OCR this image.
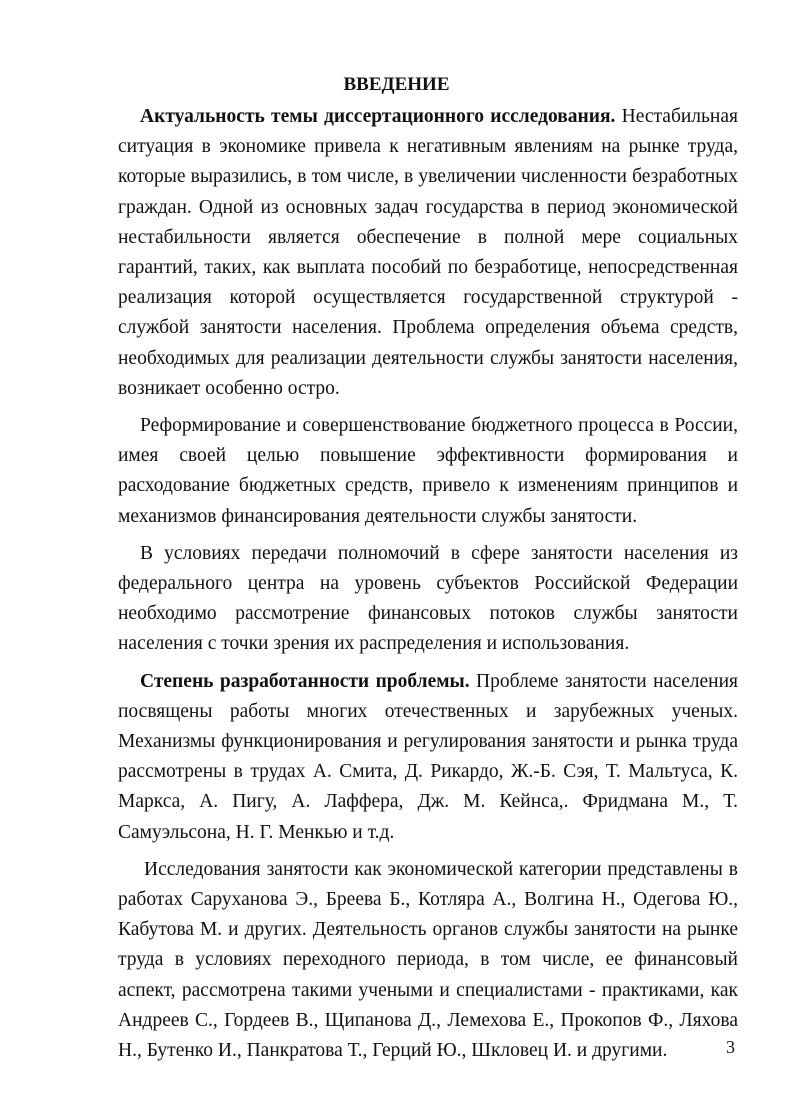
ВВЕДЕНИЕ

Актуальность темы диссертационного исследования. Нестабильная ситуация в экономике привела к негативным явлениям на рынке труда, которые выразились, в том числе, в увеличении численности безработных граждан. Одной из основных задач государства в период экономической нестабильности является обеспечение в полной мере социальных гарантий, таких, как выплата пособий по безработице, непосредственная реализация которой осуществляется государственной структурой - службой занятости населения. Проблема определения объема средств, необходимых для реализации деятельности службы занятости населения, возникает особенно остро.

Реформирование и совершенствование бюджетного процесса в России, имея своей целью повышение эффективности формирования и расходование бюджетных средств, привело к изменениям принципов и механизмов финансирования деятельности службы занятости.

В условиях передачи полномочий в сфере занятости населения из федерального центра на уровень субъектов Российской Федерации необходимо рассмотрение финансовых потоков службы занятости населения с точки зрения их распределения и использования.

Степень разработанности проблемы. Проблеме занятости населения посвящены работы многих отечественных и зарубежных ученых. Механизмы функционирования и регулирования занятости и рынка труда рассмотрены в трудах А. Смита, Д. Рикардо, Ж.-Б. Сэя, Т. Мальтуса, К. Маркса, А. Пигу, А. Лаффера, Дж. М. Кейнса,. Фридмана М., Т. Самуэльсона, Н. Г. Менкью и т.д.

Исследования занятости как экономической категории представлены в работах Саруханова Э., Бреева Б., Котляра А., Волгина Н., Одегова Ю., Кабутова М. и других. Деятельность органов службы занятости на рынке труда в условиях переходного периода, в том числе, ее финансовый аспект, рассмотрена такими учеными и специалистами - практиками, как Андреев С., Гордеев В., Щипанова Д., Лемехова Е., Прокопов Ф., Ляхова Н., Бутенко И., Панкратова Т., Герций Ю., Шкловец И. и другими.	3
